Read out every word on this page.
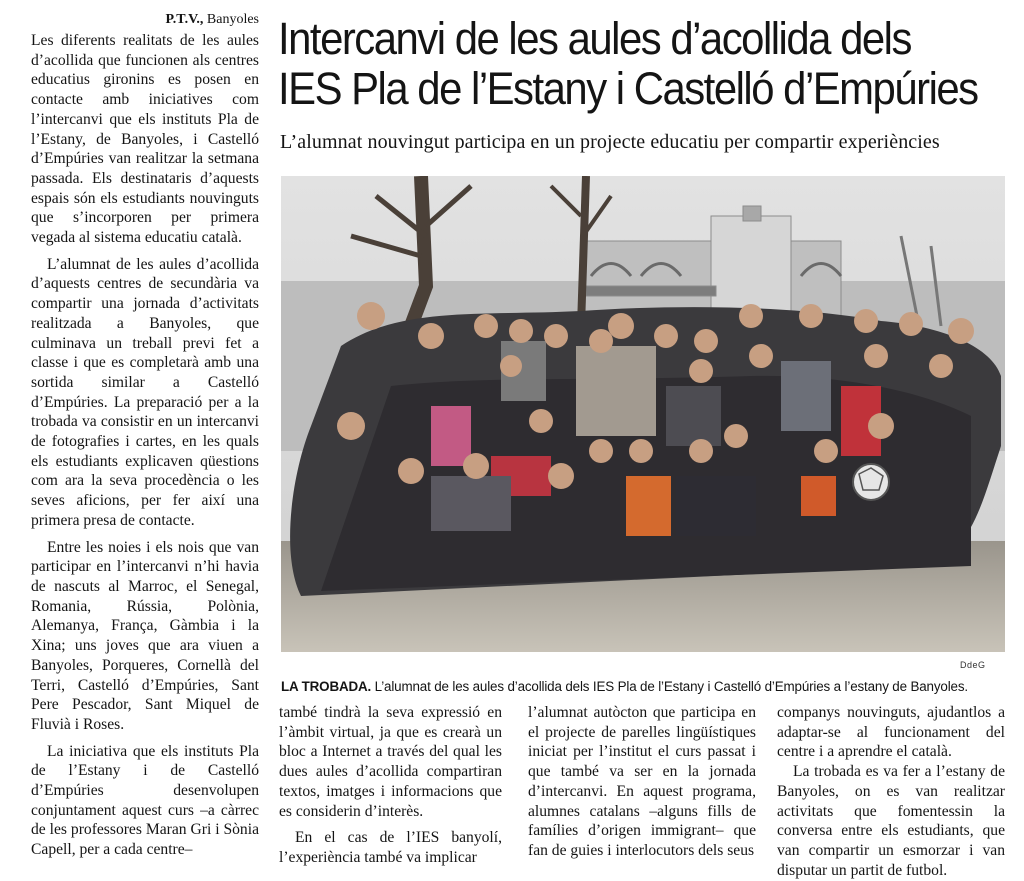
P.T.V., Banyoles Intercanvi de les aules d’acollida dels
IES Pla de l’Estany i Castelló d’Empúries
L’alumnat nouvingut participa en un projecte educatiu per compartir experiències

Les diferents realitats de les aules d’acollida que funcionen als centres educatius gironins es posen en contacte amb iniciatives com l’intercanvi que els instituts Pla de l’Estany, de Banyoles, i Castelló d’Empúries van realitzar la setmana passada. Els destinataris d’aquests espais són els estudiants nouvinguts que s’incorporen per primera vegada al sistema educatiu català.

L’alumnat de les aules d’acollida d’aquests centres de secundària va compartir una jornada d’activitats realitzada a Banyoles, que culminava un treball previ fet a classe i que es completarà amb una sortida similar a Castelló d’Empúries. La preparació per a la trobada va consistir en un intercanvi de fotografies i cartes, en les quals els estudiants explicaven qüestions com ara la seva procedència o les seves aficions, per fer així una primera presa de contacte.

Entre les noies i els nois que van participar en l’intercanvi n’hi havia de nascuts al Marroc, el Senegal, Romania, Rússia, Polònia, Alemanya, França, Gàmbia i la Xina; uns joves que ara viuen a Banyoles, Porqueres, Cornellà del Terri, Castelló d’Empúries, Sant Pere Pescador, Sant Miquel de Fluvià i Roses.

La iniciativa que els instituts Pla de l’Estany i de Castelló d’Empúries desenvolupen conjuntament aquest curs –a càrrec de les professores Maran Gri i Sònia Capell, per a cada centre–

DdeG
LA TROBADA. L’alumnat de les aules d’acollida dels IES Pla de l’Estany i Castelló d’Empúries a l’estany de Banyoles.

també tindrà la seva expressió en l’àmbit virtual, ja que es crearà un bloc a Internet a través del qual les dues aules d’acollida compartiran textos, imatges i informacions que es considerin d’interès.

En el cas de l’IES banyolí, l’experiència també va implicar

l’alumnat autòcton que participa en el projecte de parelles lingüístiques iniciat per l’institut el curs passat i que també va ser en la jornada d’intercanvi. En aquest programa, alumnes catalans –alguns fills de famílies d’origen immigrant– que fan de guies i interlocutors dels seus

companys nouvinguts, ajudantlos a adaptar-se al funcionament del centre i a aprendre el català.

La trobada es va fer a l’estany de Banyoles, on es van realitzar activitats que fomentessin la conversa entre els estudiants, que van compartir un esmorzar i van disputar un partit de futbol.
